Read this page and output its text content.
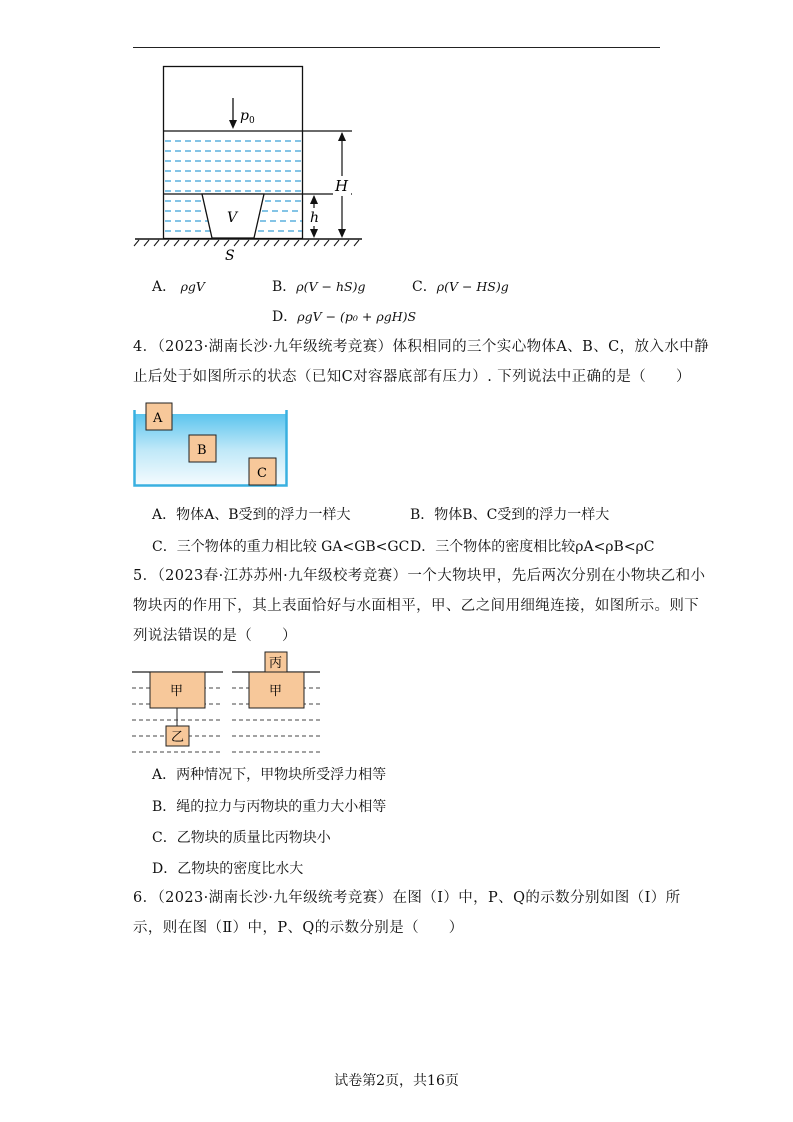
V
$p_0$
H
h
S
A． ρgV	B．ρ(V − hS)g	C．ρ(V − HS)g
D．ρgV − (p₀ + ρgH)S
4．（2023·湖南长沙·九年级统考竞赛）体积相同的三个实心物体A、B、C，放入水中静
止后处于如图所示的状态（已知C对容器底部有压力）. 下列说法中正确的是（　　）
A
B
C
A．物体A、B受到的浮力一样大	B．物体B、C受到的浮力一样大
C．三个物体的重力相比较 GA<GB<GC D．三个物体的密度相比较ρA<ρB<ρC
5．（2023春·江苏苏州·九年级校考竞赛）一个大物块甲，先后两次分别在小物块乙和小
物块丙的作用下，其上表面恰好与水面相平，甲、乙之间用细绳连接，如图所示。则下
列说法错误的是（　　）
甲
乙
甲
丙
A．两种情况下，甲物块所受浮力相等
B．绳的拉力与丙物块的重力大小相等
C．乙物块的质量比丙物块小
D．乙物块的密度比水大
6．（2023·湖南长沙·九年级统考竞赛）在图（Ⅰ）中，P、Q的示数分别如图（Ⅰ）所
示，则在图（Ⅱ）中，P、Q的示数分别是（　　）
试卷第2页，共16页
